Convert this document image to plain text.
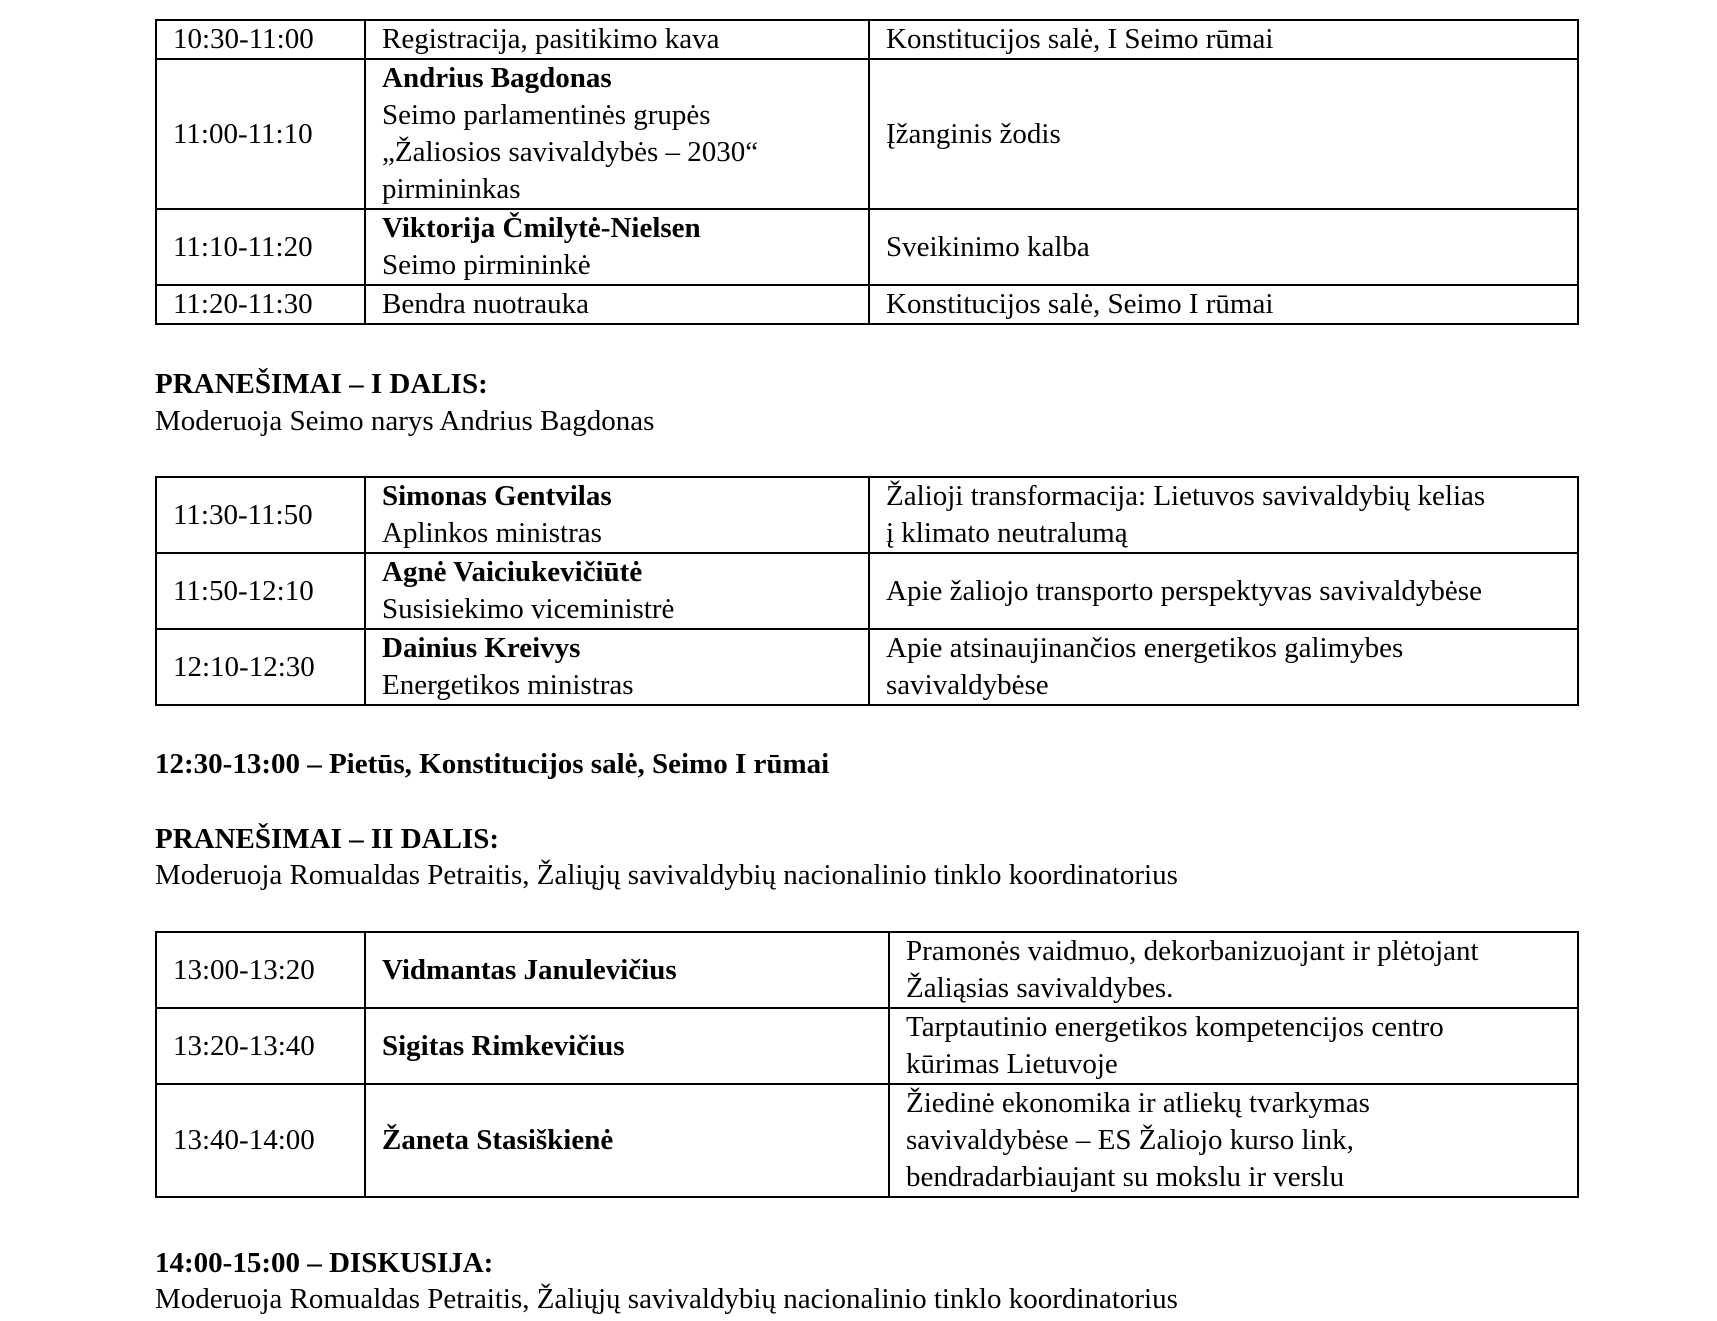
10:30-11:00	Registracija, pasitikimo kava	Konstitucijos salė, I Seimo rūmai

11:00-11:10	Andrius Bagdonas
Seimo parlamentinės grupės
„Žaliosios savivaldybės – 2030“
pirmininkas	Įžanginis žodis

11:10-11:20	Viktorija Čmilytė-Nielsen
Seimo pirmininkė	Sveikinimo kalba

11:20-11:30	Bendra nuotrauka	Konstitucijos salė, Seimo I rūmai
PRANEŠIMAI – I DALIS:
Moderuoja Seimo narys Andrius Bagdonas
11:30-11:50	Simonas Gentvilas
Aplinkos ministras	Žalioji transformacija: Lietuvos savivaldybių kelias
į klimato neutralumą

11:50-12:10	Agnė Vaiciukevičiūtė
Susisiekimo viceministrė	Apie žaliojo transporto perspektyvas savivaldybėse

12:10-12:30	Dainius Kreivys
Energetikos ministras	Apie atsinaujinančios energetikos galimybes
savivaldybėse
12:30-13:00 – Pietūs, Konstitucijos salė, Seimo I rūmai
PRANEŠIMAI – II DALIS:
Moderuoja Romualdas Petraitis, Žaliųjų savivaldybių nacionalinio tinklo koordinatorius
13:00-13:20	Vidmantas Janulevičius	Pramonės vaidmuo, dekorbanizuojant ir plėtojant
Žaliąsias savivaldybes.

13:20-13:40	Sigitas Rimkevičius	Tarptautinio energetikos kompetencijos centro
kūrimas Lietuvoje

13:40-14:00	Žaneta Stasiškienė	Žiedinė ekonomika ir atliekų tvarkymas
savivaldybėse – ES Žaliojo kurso link,
bendradarbiaujant su mokslu ir verslu
14:00-15:00 – DISKUSIJA:
Moderuoja Romualdas Petraitis, Žaliųjų savivaldybių nacionalinio tinklo koordinatorius
